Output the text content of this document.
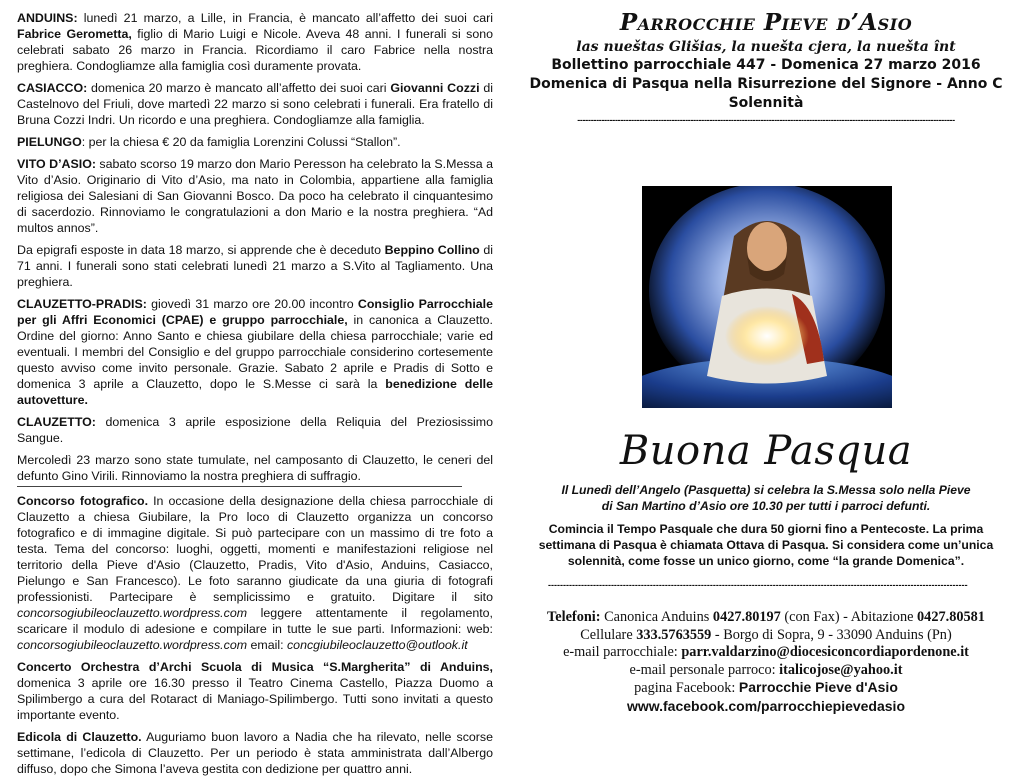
ANDUINS: lunedì 21 marzo, a Lille, in Francia, è mancato all’affetto dei suoi cari Fabrice Gerometta, figlio di Mario Luigi e Nicole. Aveva 48 anni. I funerali si sono celebrati sabato 26 marzo in Francia. Ricordiamo il caro Fabrice nella nostra preghiera. Condogliamze alla famiglia così duramente provata.

CASIACCO: domenica 20 marzo è mancato all’affetto dei suoi cari Giovanni Cozzi di Castelnovo del Friuli, dove martedì 22 marzo si sono celebrati i funerali. Era fratello di Bruna Cozzi Indri. Un ricordo e una preghiera. Condogliamze alla famiglia.

PIELUNGO: per la chiesa € 20 da famiglia Lorenzini Colussi “Stallon”.

VITO D’ASIO: sabato scorso 19 marzo don Mario Peresson ha celebrato la S.Messa a Vito d’Asio. Originario di Vito d’Asio, ma nato in Colombia, appartiene alla famiglia religiosa dei Salesiani di San Giovanni Bosco. Da poco ha celebrato il cinquantesimo di sacerdozio. Rinnoviamo le congratulazioni a don Mario e la nostra preghiera. “Ad multos annos”.

Da epigrafi esposte in data 18 marzo, si apprende che è deceduto Beppino Collino di 71 anni. I funerali sono stati celebrati lunedì 21 marzo a S.Vito al Tagliamento. Una preghiera.

CLAUZETTO-PRADIS: giovedì 31 marzo ore 20.00 incontro Consiglio Parrocchiale per gli Affri Economici (CPAE) e gruppo parrocchiale, in canonica a Clauzetto. Ordine del giorno: Anno Santo e chiesa giubilare della chiesa parrocchiale; varie ed eventuali. I membri del Consiglio e del gruppo parrocchiale considerino cortesemente questo avviso come invito personale. Grazie. Sabato 2 aprile e Pradis di Sotto e domenica 3 aprile a Clauzetto, dopo le S.Messe ci sarà la benedizione delle autovetture.

CLAUZETTO: domenica 3 aprile esposizione della Reliquia del Preziosissimo Sangue.

Mercoledì 23 marzo sono state tumulate, nel camposanto di Clauzetto, le ceneri del defunto Gino Virili. Rinnoviamo la nostra preghiera di suffragio.

Concorso fotografico. In occasione della designazione della chiesa parrocchiale di Clauzetto a chiesa Giubilare, la Pro loco di Clauzetto organizza un concorso fotografico e di immagine digitale. Si può partecipare con un massimo di tre foto a testa. Tema del concorso: luoghi, oggetti, momenti e manifestazioni religiose nel territorio della Pieve d'Asio (Clauzetto, Pradis, Vito d'Asio, Anduins, Casiacco, Pielungo e San Francesco). Le foto saranno giudicate da una giuria di fotografi professionisti. Partecipare è semplicissimo e gratuito. Digitare il sito concorsogiubileoclauzetto.wordpress.com leggere attentamente il regolamento, scaricare il modulo di adesione e compilare in tutte le sue parti. Informazioni: web: concorsogiubileoclauzetto.wordpress.com email: concgiubileoclauzetto@outlook.it

Concerto Orchestra d’Archi Scuola di Musica “S.Margherita” di Anduins, domenica 3 aprile ore 16.30 presso il Teatro Cinema Castello, Piazza Duomo a Spilimbergo a cura del Rotaract di Maniago-Spilimbergo. Tutti sono invitati a questo importante evento.

Edicola di Clauzetto. Auguriamo buon lavoro a Nadia che ha rilevato, nelle scorse settimane, l’edicola di Clauzetto. Per un periodo è stata amministrata dall’Albergo diffuso, dopo che Simona l’aveva gestita con dedizione per quattro anni.

Parrocchie Pieve d’Asio

las nueštas Glišias, la nuešta cjera, la nuešta înt

Bollettino parrocchiale 447 - Domenica 27 marzo 2016

Domenica di Pasqua nella Risurrezione del Signore - Anno C

Solennità

--------------------------------------------------------------------------------------------------------------------------------------------
Buona Pasqua
Il Lunedì dell’Angelo (Pasquetta) si celebra la S.Messa solo nella Pieve
di San Martino d’Asio ore 10.30 per tutti i parroci defunti.
Comincia il Tempo Pasquale che dura 50 giorni fino a Pentecoste. La prima
settimana di Pasqua è chiamata Ottava di Pasqua. Si considera come un’unica
solennità, come fosse un unico giorno, come “la grande Domenica”.
--------------------------------------------------------------------------------------------------------------------------------------------
Telefoni: Canonica Anduins 0427.80197 (con Fax) - Abitazione 0427.80581
Cellulare 333.5763559 - Borgo di Sopra, 9 - 33090 Anduins (Pn)
e-mail parrocchiale: parr.valdarzino@diocesiconcordiapordenone.it
e-mail personale parroco: italicojose@yahoo.it
pagina Facebook: Parrocchie Pieve d'Asio
www.facebook.com/parrocchiepievedasio
